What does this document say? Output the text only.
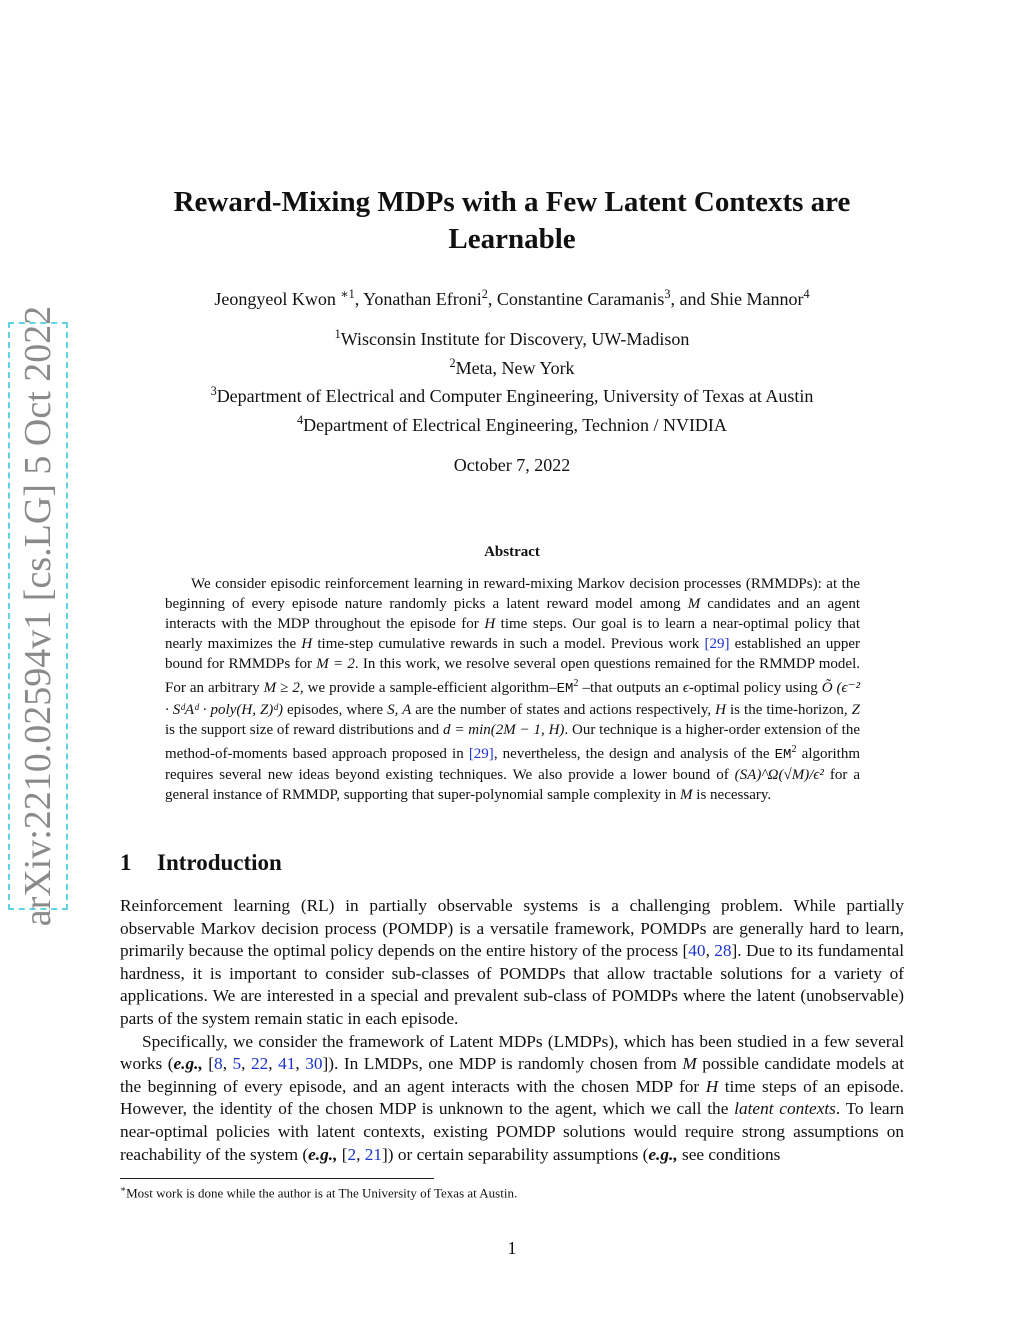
arXiv:2210.02594v1 [cs.LG] 5 Oct 2022
Reward-Mixing MDPs with a Few Latent Contexts are Learnable
Jeongyeol Kwon $^{∗1}$, Yonathan Efroni$^2$, Constantine Caramanis$^3$, and Shie Mannor$^4$
$^1$Wisconsin Institute for Discovery, UW-Madison
$^2$Meta, New York
$^3$Department of Electrical and Computer Engineering, University of Texas at Austin
$^4$Department of Electrical Engineering, Technion / NVIDIA
October 7, 2022
Abstract
We consider episodic reinforcement learning in reward-mixing Markov decision processes (RMMDPs): at the beginning of every episode nature randomly picks a latent reward model among M candidates and an agent interacts with the MDP throughout the episode for H time steps. Our goal is to learn a near-optimal policy that nearly maximizes the H time-step cumulative rewards in such a model. Previous work [29] established an upper bound for RMMDPs for M = 2. In this work, we resolve several open questions remained for the RMMDP model. For an arbitrary M ≥ 2, we provide a sample-efficient algorithm–$EM^2$ –that outputs an ϵ-optimal policy using Õ (ϵ⁻² · SᵈAᵈ · poly(H, Z)ᵈ) episodes, where S, A are the number of states and actions respectively, H is the time-horizon, Z is the support size of reward distributions and d = min(2M − 1, H). Our technique is a higher-order extension of the method-of-moments based approach proposed in [29], nevertheless, the design and analysis of the $EM^2$ algorithm requires several new ideas beyond existing techniques. We also provide a lower bound of (SA)^Ω(√M)/ϵ² for a general instance of RMMDP, supporting that super-polynomial sample complexity in M is necessary.
1 Introduction

Reinforcement learning (RL) in partially observable systems is a challenging problem. While partially observable Markov decision process (POMDP) is a versatile framework, POMDPs are generally hard to learn, primarily because the optimal policy depends on the entire history of the process [40, 28]. Due to its fundamental hardness, it is important to consider sub-classes of POMDPs that allow tractable solutions for a variety of applications. We are interested in a special and prevalent sub-class of POMDPs where the latent (unobservable) parts of the system remain static in each episode.

Specifically, we consider the framework of Latent MDPs (LMDPs), which has been studied in a few several works (e.g., [8, 5, 22, 41, 30]). In LMDPs, one MDP is randomly chosen from M possible candidate models at the beginning of every episode, and an agent interacts with the chosen MDP for H time steps of an episode. However, the identity of the chosen MDP is unknown to the agent, which we call the latent contexts. To learn near-optimal policies with latent contexts, existing POMDP solutions would require strong assumptions on reachability of the system (e.g., [2, 21]) or certain separability assumptions (e.g., see conditions

∗Most work is done while the author is at The University of Texas at Austin.
1
